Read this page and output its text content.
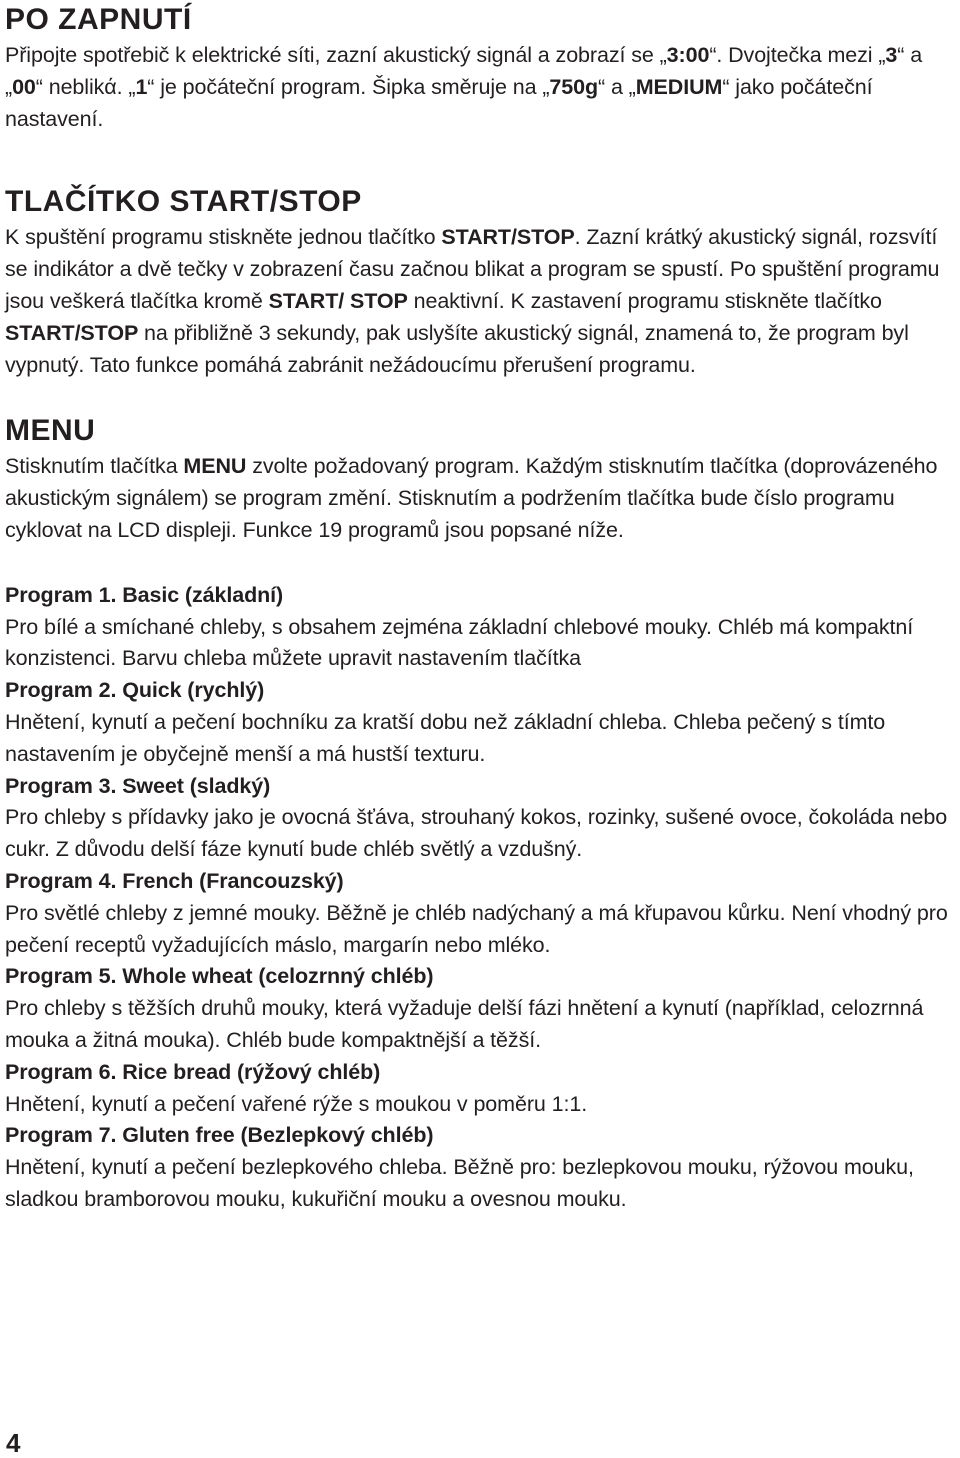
PO ZAPNUTÍ

Připojte spotřebič k elektrické síti, zazní akustický signál a zobrazí se „3:00“. Dvojtečka mezi „3“ a „00“ neblikά. „1“ je počáteční program. Šipka směruje na „750g“ a „MEDIUM“ jako počáteční nastavení.

TLAČÍTKO START/STOP

K spuštění programu stiskněte jednou tlačítko START/STOP. Zazní krátký akustický signál, rozsvítí se indikátor a dvě tečky v zobrazení času začnou blikat a program se spustí. Po spuštění programu jsou veškerá tlačítka kromě START/ STOP neaktivní. K zastavení programu stiskněte tlačítko START/STOP na přibližně 3 sekundy, pak uslyšíte akustický signál, znamená to, že program byl vypnutý. Tato funkce pomáhá zabránit nežádoucímu přerušení programu.

MENU

Stisknutím tlačítka MENU zvolte požadovaný program. Každým stisknutím tlačítka (doprovázeného akustickým signálem) se program změní. Stisknutím a podržením tlačítka bude číslo programu cyklovat na LCD displeji. Funkce 19 programů jsou popsané níže.

Program 1. Basic (základní)

Pro bílé a smíchané chleby, s obsahem zejména základní chlebové mouky. Chléb má kompaktní konzistenci. Barvu chleba můžete upravit nastavením tlačítka

Program 2. Quick (rychlý)

Hnětení, kynutí a pečení bochníku za kratší dobu než základní chleba. Chleba pečený s tímto nastavením je obyčejně menší a má hustší texturu.

Program 3. Sweet (sladký)

Pro chleby s přídavky jako je ovocná šťáva, strouhaný kokos, rozinky, sušené ovoce, čokoláda nebo cukr. Z důvodu delší fáze kynutí bude chléb světlý a vzdušný.

Program 4. French (Francouzský)

Pro světlé chleby z jemné mouky. Běžně je chléb nadýchaný a má křupavou kůrku. Není vhodný pro pečení receptů vyžadujících máslo, margarín nebo mléko.

Program 5. Whole wheat (celozrnný chléb)

Pro chleby s těžších druhů mouky, která vyžaduje delší fázi hnětení a kynutí (například, celozrnná mouka a žitná mouka). Chléb bude kompaktnější a těžší.

Program 6. Rice bread (rýžový chléb)

Hnětení, kynutí a pečení vařené rýže s moukou v poměru 1:1.

Program 7. Gluten free (Bezlepkový chléb)

Hnětení, kynutí a pečení bezlepkového chleba. Běžně pro: bezlepkovou mouku, rýžovou mouku, sladkou bramborovou mouku, kukuřiční mouku a ovesnou mouku.

4
